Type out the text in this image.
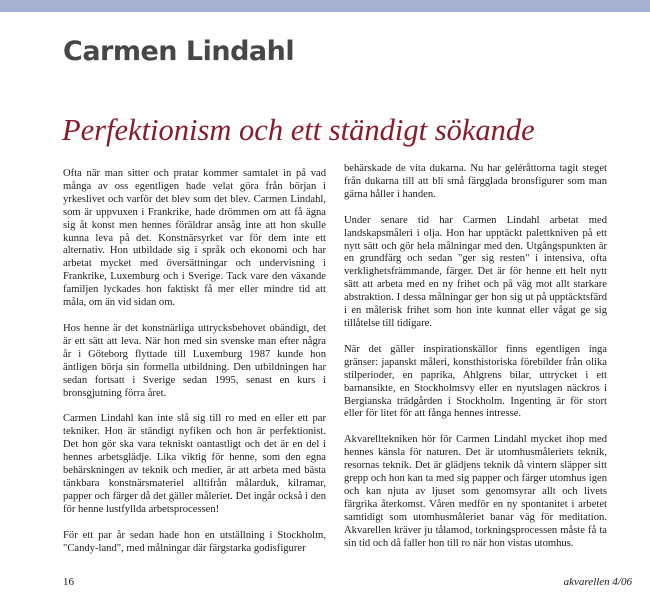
Carmen Lindahl
Perfektionism och ett ständigt sökande

Ofta när man sitter och pratar kommer samtalet in på vad många av oss egentligen hade velat göra från början i yrkeslivet och varför det blev som det blev. Carmen Lindahl, som är uppvuxen i Frankrike, hade drömmen om att få ägna sig åt konst men hennes föräldrar ansåg inte att hon skulle kunna leva på det. Konstnärsyrket var för dem inte ett alternativ. Hon utbildade sig i språk och ekonomi och har arbetat mycket med översättningar och undervisning i Frankrike, Luxemburg och i Sverige. Tack vare den växande familjen lyckades hon faktiskt få mer eller mindre tid att måla, om än vid sidan om.

Hos henne är det konstnärliga uttrycksbehovet obändigt, det är ett sätt att leva. När hon med sin svenske man efter några år i Göteborg flyttade till Luxemburg 1987 kunde hon äntligen börja sin formella utbildning. Den utbildningen har sedan fortsatt i Sverige sedan 1995, senast en kurs i bronsgjutning förra året.

Carmen Lindahl kan inte slå sig till ro med en eller ett par tekniker. Hon är ständigt nyfiken och hon är perfektionist. Det hon gör ska vara tekniskt oantastligt och det är en del i hennes arbetsglädje. Lika viktig för henne, som den egna behärskningen av teknik och medier, är att arbeta med bästa tänkbara konstnärsmateriel alltifrån målarduk, kilramar, papper och färger då det gäller måleriet. Det ingår också i den för henne lustfyllda arbetsprocessen!

För ett par år sedan hade hon en utställning i Stockholm, "Candy-land", med målningar där färgstarka godisfigurer

behärskade de vita dukarna. Nu har geléråttorna tagit steget från dukarna till att bli små färgglada bronsfigurer som man gärna håller i handen.

Under senare tid har Carmen Lindahl arbetat med landskapsmåleri i olja. Hon har upptäckt palettkniven på ett nytt sätt och gör hela målningar med den. Utgångspunkten är en grundfärg och sedan "ger sig resten" i intensiva, ofta verklighetsfrämmande, färger. Det är för henne ett helt nytt sätt att arbeta med en ny frihet och på väg mot allt starkare abstraktion. I dessa målningar ger hon sig ut på upptäcktsfärd i en målerisk frihet som hon inte kunnat eller vågat ge sig tillåtelse till tidigare.

När det gäller inspirationskällor finns egentligen inga gränser: japanskt måleri, konsthistoriska förebilder från olika stilperioder, en paprika, Ahlgrens bilar, uttrycket i ett barnansikte, en Stockholmsvy eller en nyutslagen näckros i Bergianska trädgården i Stockholm. Ingenting är för stort eller för litet för att fånga hennes intresse.

Akvarelltekniken hör för Carmen Lindahl mycket ihop med hennes känsla för naturen. Det är utomhusmåleriets teknik, resornas teknik. Det är glädjens teknik då vintern släpper sitt grepp och hon kan ta med sig papper och färger utomhus igen och kan njuta av ljuset som genomsyrar allt och livets färgrika återkomst. Våren medför en ny spontanitet i arbetet samtidigt som utomhusmåleriet banar väg för meditation. Akvarellen kräver ju tålamod, torkningsprocessen måste få ta sin tid och då faller hon till ro när hon vistas utomhus.

16	akvarellen 4/06
